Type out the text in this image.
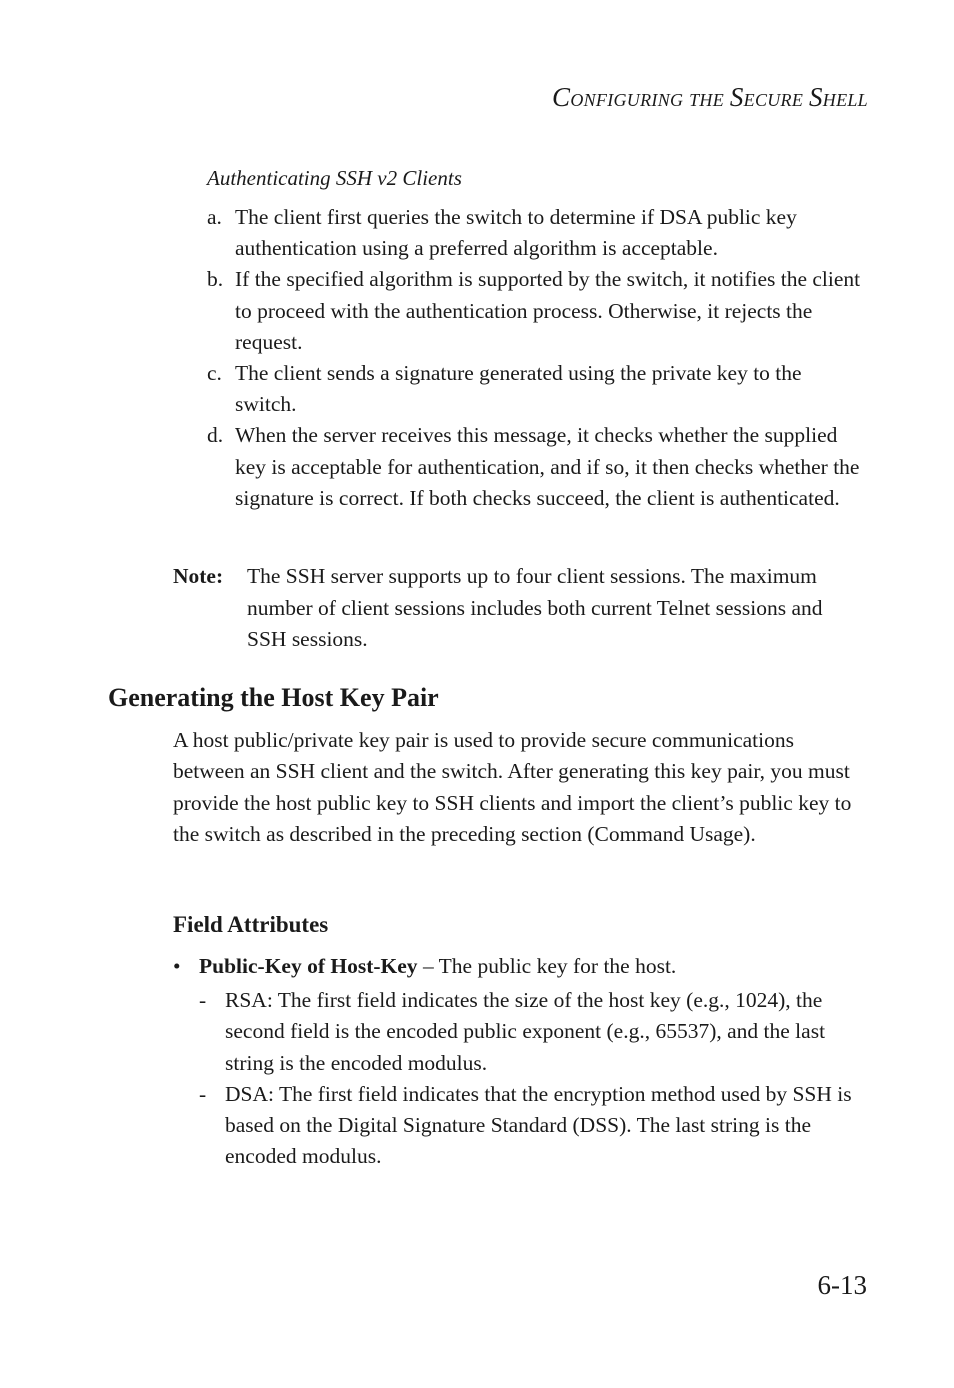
CONFIGURING THE SECURE SHELL
Authenticating SSH v2 Clients
a. The client first queries the switch to determine if DSA public key authentication using a preferred algorithm is acceptable.
b. If the specified algorithm is supported by the switch, it notifies the client to proceed with the authentication process. Otherwise, it rejects the request.
c. The client sends a signature generated using the private key to the switch.
d. When the server receives this message, it checks whether the supplied key is acceptable for authentication, and if so, it then checks whether the signature is correct. If both checks succeed, the client is authenticated.
Note:	The SSH server supports up to four client sessions. The maximum number of client sessions includes both current Telnet sessions and SSH sessions.
Generating the Host Key Pair
A host public/private key pair is used to provide secure communications between an SSH client and the switch. After generating this key pair, you must provide the host public key to SSH clients and import the client’s public key to the switch as described in the preceding section (Command Usage).
Field Attributes
• Public-Key of Host-Key – The public key for the host.
- RSA: The first field indicates the size of the host key (e.g., 1024), the second field is the encoded public exponent (e.g., 65537), and the last string is the encoded modulus.
- DSA: The first field indicates that the encryption method used by SSH is based on the Digital Signature Standard (DSS). The last string is the encoded modulus.
6-13
